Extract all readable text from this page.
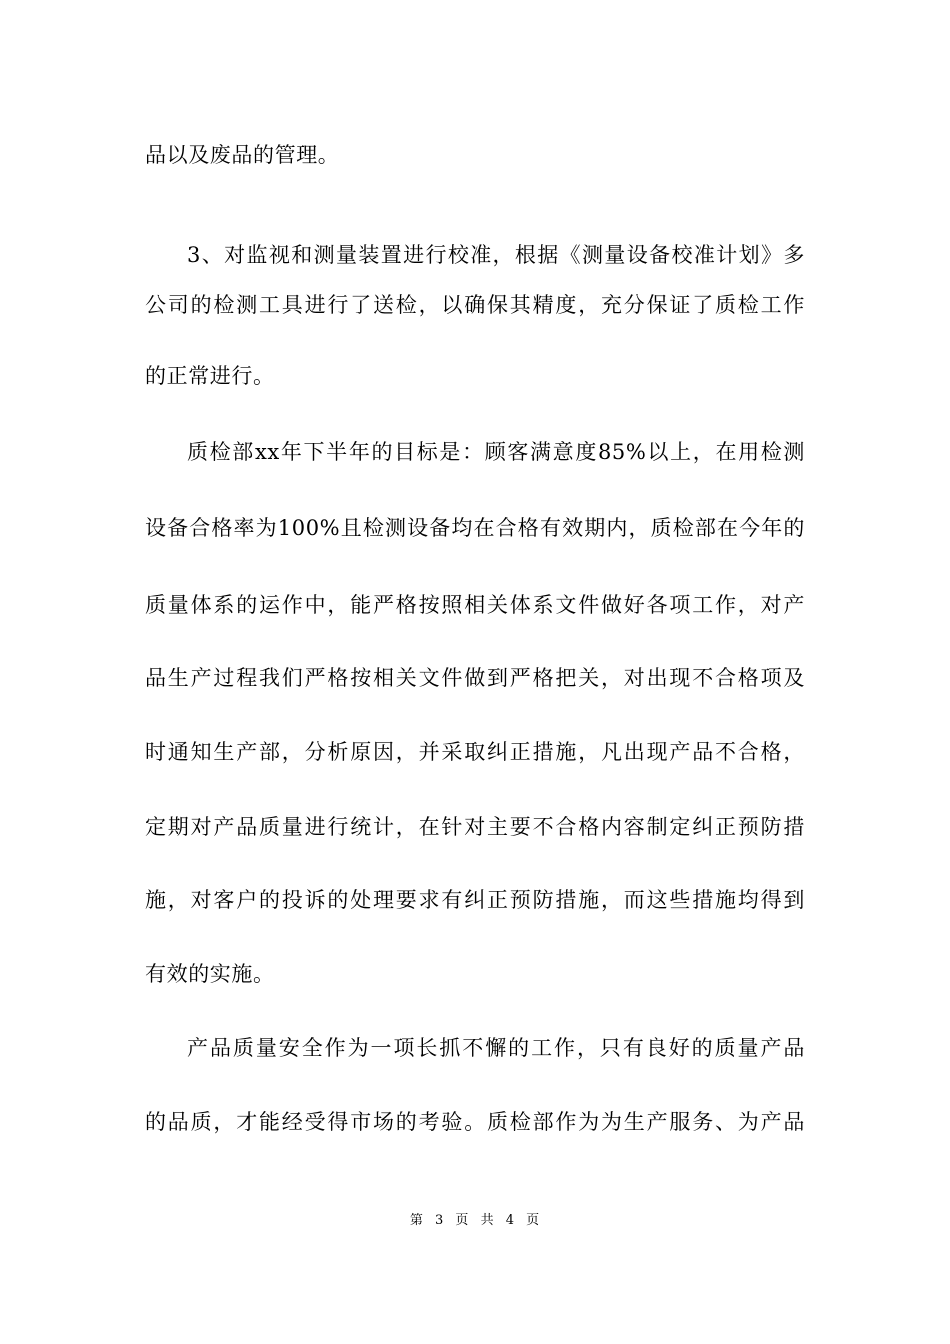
品以及废品的管理。
3、对监视和测量装置进行校准，根据《测量设备校准计划》多
公司的检测工具进行了送检，以确保其精度，充分保证了质检工作
的正常进行。
质检部xx年下半年的目标是：顾客满意度85%以上，在用检测
设备合格率为100%且检测设备均在合格有效期内，质检部在今年的
质量体系的运作中，能严格按照相关体系文件做好各项工作，对产
品生产过程我们严格按相关文件做到严格把关，对出现不合格项及
时通知生产部，分析原因，并采取纠正措施，凡出现产品不合格，
定期对产品质量进行统计，在针对主要不合格内容制定纠正预防措
施，对客户的投诉的处理要求有纠正预防措施，而这些措施均得到
有效的实施。
产品质量安全作为一项长抓不懈的工作，只有良好的质量产品
的品质，才能经受得市场的考验。质检部作为为生产服务、为产品
第 3 页 共 4 页
